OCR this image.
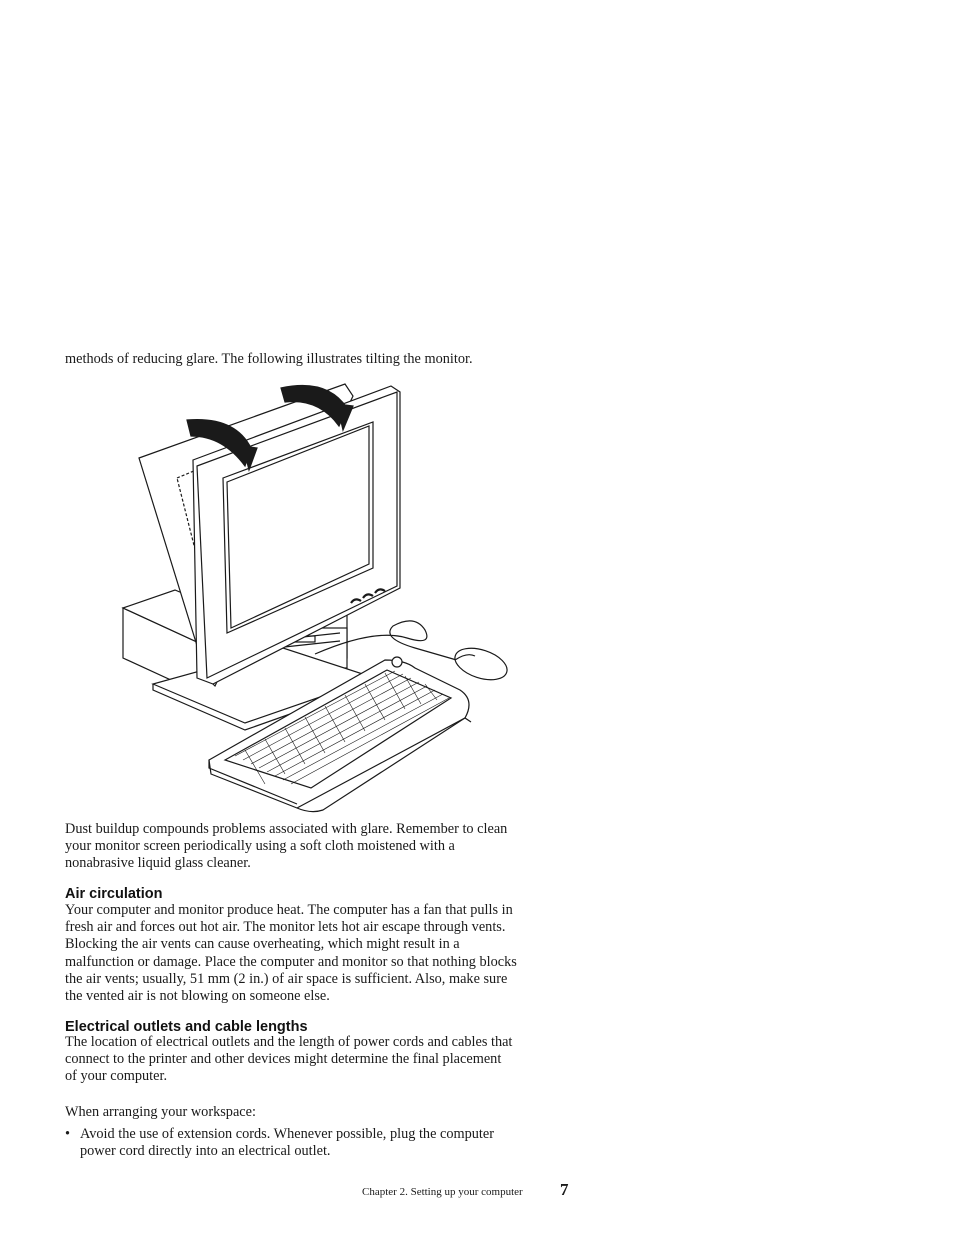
methods of reducing glare. The following illustrates tilting the monitor.

Dust buildup compounds problems associated with glare. Remember to clean
your monitor screen periodically using a soft cloth moistened with a
nonabrasive liquid glass cleaner.
Air circulation
Your computer and monitor produce heat. The computer has a fan that pulls in
fresh air and forces out hot air. The monitor lets hot air escape through vents.
Blocking the air vents can cause overheating, which might result in a
malfunction or damage. Place the computer and monitor so that nothing blocks
the air vents; usually, 51 mm (2 in.) of air space is sufficient. Also, make sure
the vented air is not blowing on someone else.
Electrical outlets and cable lengths
The location of electrical outlets and the length of power cords and cables that
connect to the printer and other devices might determine the final placement
of your computer.

When arranging your workspace:

• Avoid the use of extension cords. Whenever possible, plug the computer
power cord directly into an electrical outlet.
Chapter 2. Setting up your computer 7
